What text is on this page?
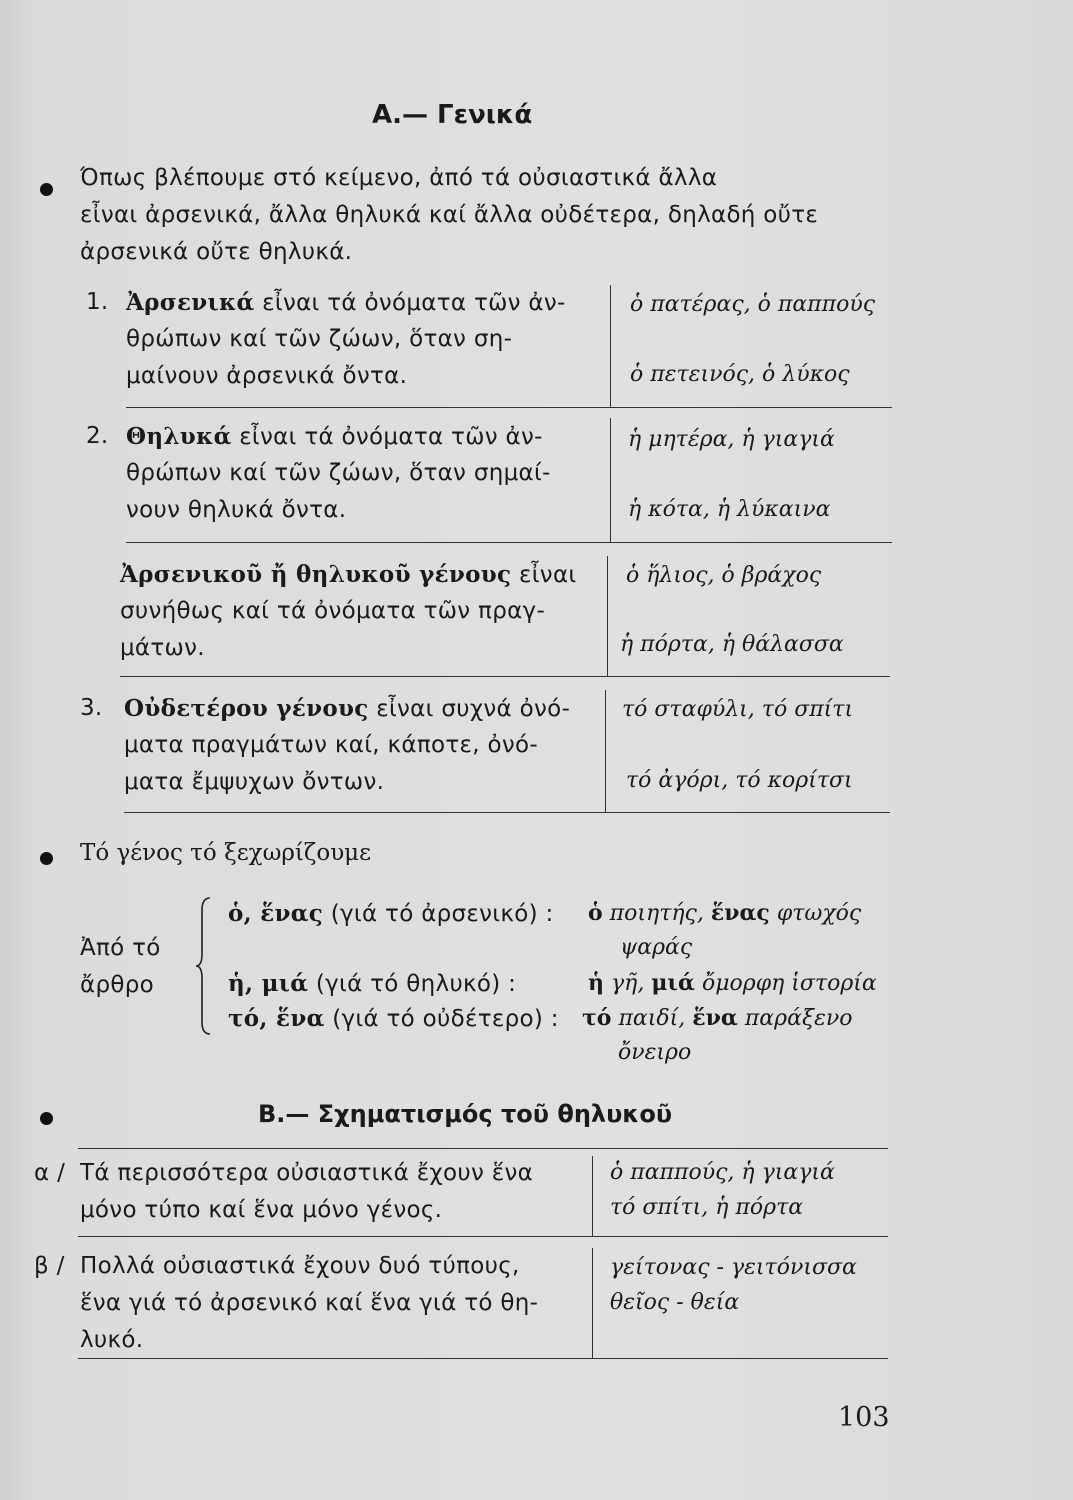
Α.— Γενικά
Όπως βλέπουμε στό κείμενο, ἀπό τά οὐσιαστικά ἄλλα
εἶναι ἀρσενικά, ἄλλα θηλυκά καί ἄλλα οὐδέτερα, δηλαδή οὔτε
ἀρσενικά οὔτε θηλυκά.
1. Ἀρσενικά εἶναι τά ὀνόματα τῶν ἀν-
θρώπων καί τῶν ζώων, ὅταν ση-
μαίνουν ἀρσενικά ὄντα.
ὁ πατέρας, ὁ παππούς
ὁ πετεινός, ὁ λύκος
2. Θηλυκά εἶναι τά ὀνόματα τῶν ἀν-
θρώπων καί τῶν ζώων, ὅταν σημαί-
νουν θηλυκά ὄντα.
ἡ μητέρα, ἡ γιαγιά
ἡ κότα, ἡ λύκαινα
Ἀρσενικοῦ ἤ θηλυκοῦ γένους εἶναι
συνήθως καί τά ὀνόματα τῶν πραγ-
μάτων.
ὁ ἥλιος, ὁ βράχος
ἡ πόρτα, ἡ θάλασσα
3. Οὐδετέρου γένους εἶναι συχνά ὀνό-
ματα πραγμάτων καί, κάποτε, ὀνό-
ματα ἔμψυχων ὄντων.
τό σταφύλι, τό σπίτι
τό ἀγόρι, τό κορίτσι
Τό γένος τό ξεχωρίζουμε
Ἀπό τό
ἄρθρο
ὁ, ἕνας (γιά τό ἀρσενικό) : ὁ ποιητής, ἕνας φτωχός
ψαράς
ἡ, μιά (γιά τό θηλυκό) :	ἡ γῆ, μιά ὄμορφη ἱστορία
τό, ἕνα (γιά τό οὐδέτερο) : τό παιδί, ἕνα παράξενο
ὄνειρο
Β.— Σχηματισμός τοῦ θηλυκοῦ
α / Τά περισσότερα οὐσιαστικά ἔχουν ἕνα
μόνο τύπο καί ἕνα μόνο γένος.
ὁ παππούς, ἡ γιαγιά
τό σπίτι, ἡ πόρτα
β / Πολλά οὐσιαστικά ἔχουν δυό τύπους,
ἕνα γιά τό ἀρσενικό καί ἕνα γιά τό θη-
λυκό.
γείτονας - γειτόνισσα
θεῖος - θεία
103
